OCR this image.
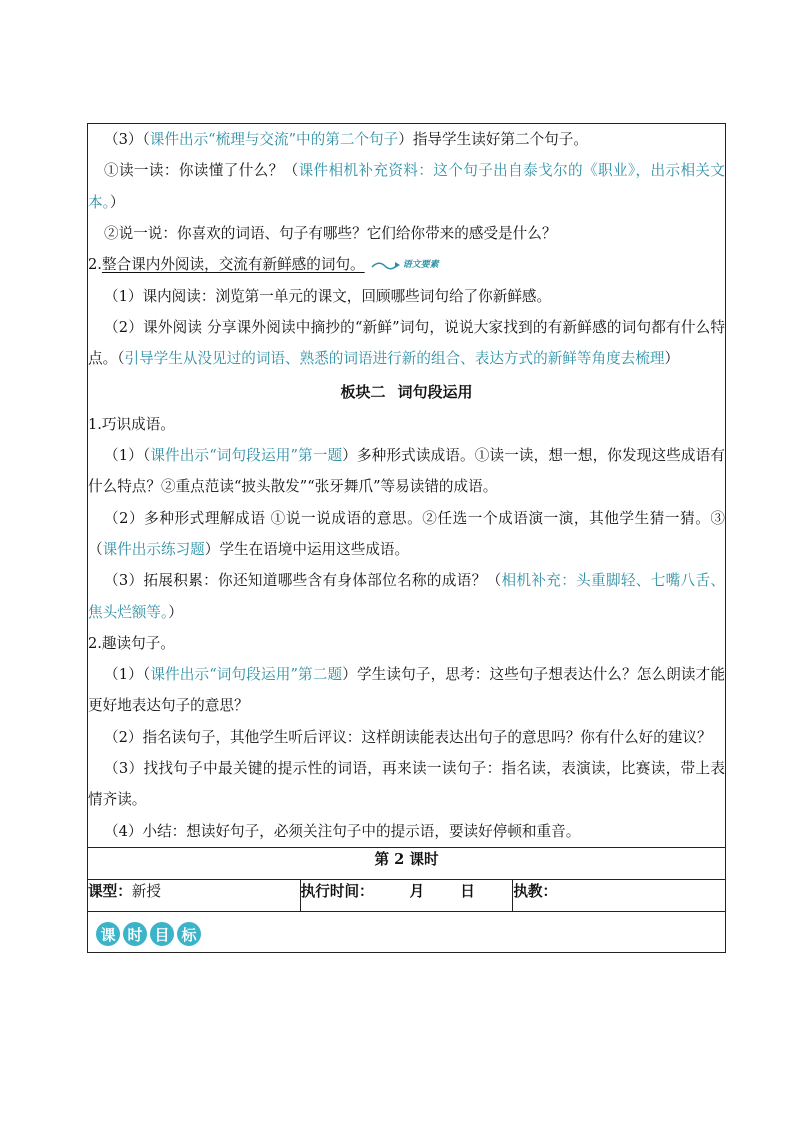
（3）（课件出示“梳理与交流”中的第二个句子）指导学生读好第二个句子。

①读一读：你读懂了什么？（课件相机补充资料：这个句子出自泰戈尔的《职业》，出示相关文本。）

②说一说：你喜欢的词语、句子有哪些？它们给你带来的感受是什么？

2.整合课内外阅读，交流有新鲜感的词句。	语文要素

（1）课内阅读：浏览第一单元的课文，回顾哪些词句给了你新鲜感。

（2）课外阅读 分享课外阅读中摘抄的“新鲜”词句，说说大家找到的有新鲜感的词句都有什么特点。（引导学生从没见过的词语、熟悉的词语进行新的组合、表达方式的新鲜等角度去梳理）

板块二 词句段运用

1.巧识成语。

（1）（课件出示“词句段运用”第一题）多种形式读成语。①读一读，想一想，你发现这些成语有什么特点？②重点范读“披头散发”“张牙舞爪”等易读错的成语。

（2）多种形式理解成语 ①说一说成语的意思。②任选一个成语演一演，其他学生猜一猜。③（课件出示练习题）学生在语境中运用这些成语。

（3）拓展积累：你还知道哪些含有身体部位名称的成语？（相机补充：头重脚轻、七嘴八舌、焦头烂额等。）

2.趣读句子。

（1）（课件出示“词句段运用”第二题）学生读句子，思考：这些句子想表达什么？怎么朗读才能更好地表达句子的意思？

（2）指名读句子，其他学生听后评议：这样朗读能表达出句子的意思吗？你有什么好的建议？

（3）找找句子中最关键的提示性的词语，再来读一读句子：指名读，表演读，比赛读，带上表情齐读。

（4）小结：想读好句子，必须关注句子中的提示语，要读好停顿和重音。

第 2 课时
课型：新授	执行时间： 月 日	执教：

课 时 目 标
